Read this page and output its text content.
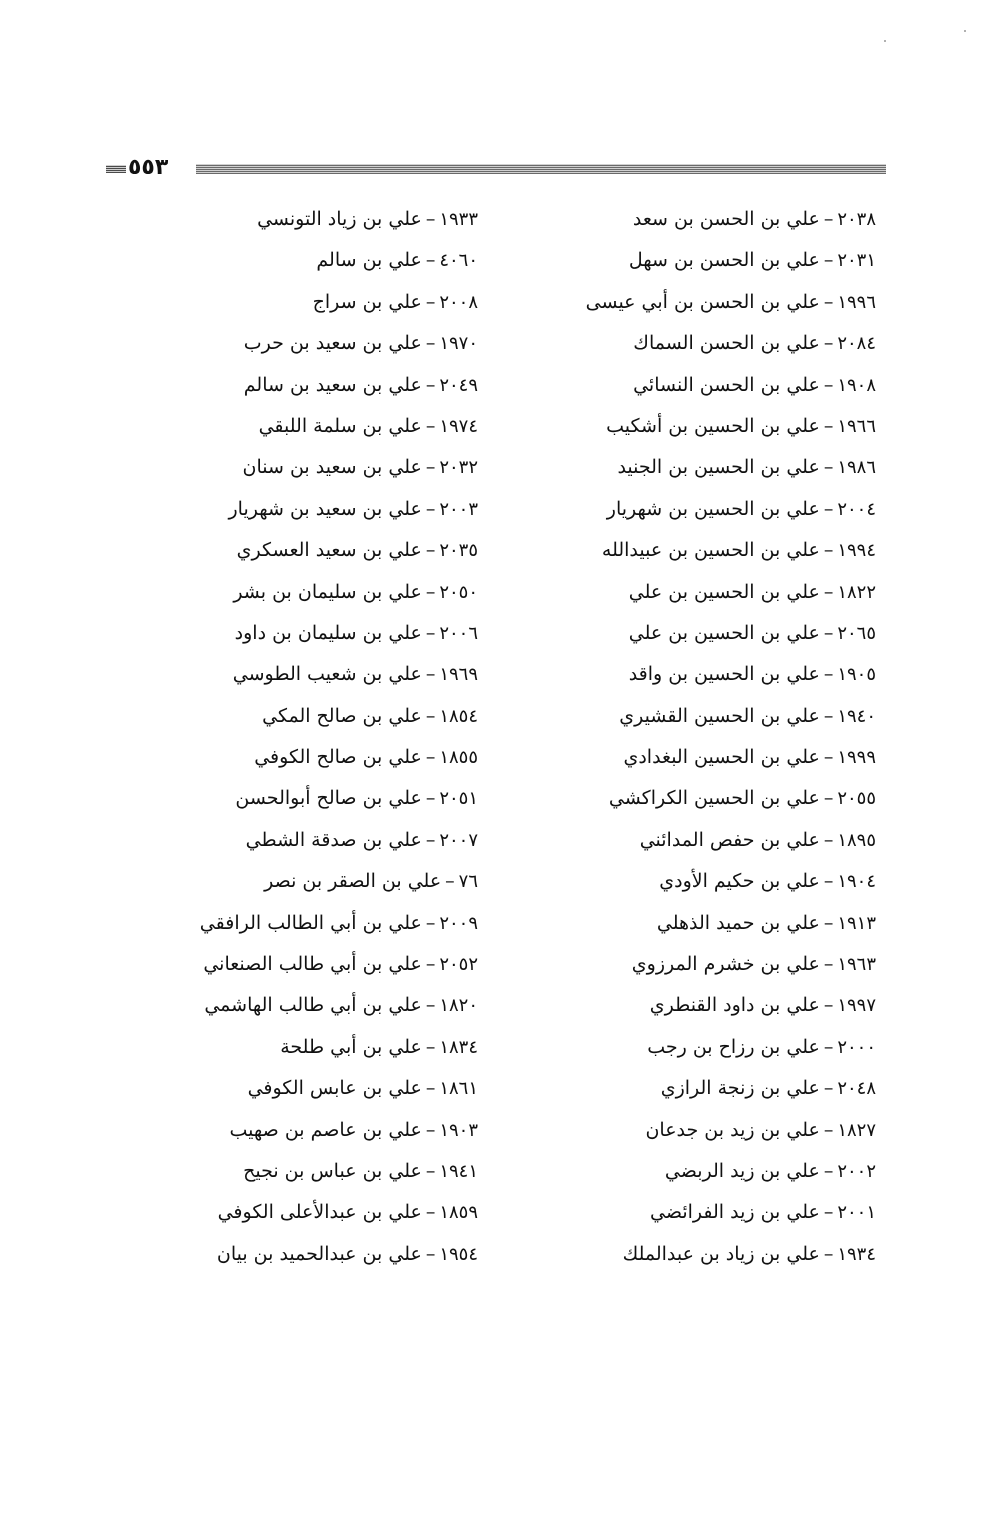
٥٥٣
٢٠٣٨–علي بن الحسن بن سعد
٢٠٣١–علي بن الحسن بن سهل
١٩٩٦–علي بن الحسن بن أبي عيسى
٢٠٨٤–علي بن الحسن السماك
١٩٠٨–علي بن الحسن النسائي
١٩٦٦–علي بن الحسين بن أشكيب
١٩٨٦–علي بن الحسين بن الجنيد
٢٠٠٤–علي بن الحسين بن شهريار
١٩٩٤–علي بن الحسين بن عبيدالله
١٨٢٢–علي بن الحسين بن علي
٢٠٦٥–علي بن الحسين بن علي
١٩٠٥–علي بن الحسين بن واقد
١٩٤٠–علي بن الحسين القشيري
١٩٩٩–علي بن الحسين البغدادي
٢٠٥٥–علي بن الحسين الكراكشي
١٨٩٥–علي بن حفص المدائني
١٩٠٤–علي بن حكيم الأودي
١٩١٣–علي بن حميد الذهلي
١٩٦٣–علي بن خشرم المرزوي
١٩٩٧–علي بن داود القنطري
٢٠٠٠–علي بن رزاح بن رجب
٢٠٤٨–علي بن زنجة الرازي
١٨٢٧–علي بن زيد بن جدعان
٢٠٠٢–علي بن زيد الربضي
٢٠٠١–علي بن زيد الفرائضي
١٩٣٤–علي بن زياد بن عبدالملك
١٩٣٣–علي بن زياد التونسي
٤٠٦٠–علي بن سالم
٢٠٠٨–علي بن سراج
١٩٧٠–علي بن سعيد بن حرب
٢٠٤٩–علي بن سعيد بن سالم
١٩٧٤–علي بن سلمة اللبقي
٢٠٣٢–علي بن سعيد بن سنان
٢٠٠٣–علي بن سعيد بن شهريار
٢٠٣٥–علي بن سعيد العسكري
٢٠٥٠–علي بن سليمان بن بشر
٢٠٠٦–علي بن سليمان بن داود
١٩٦٩–علي بن شعيب الطوسي
١٨٥٤–علي بن صالح المكي
١٨٥٥–علي بن صالح الكوفي
٢٠٥١–علي بن صالح أبوالحسن
٢٠٠٧–علي بن صدقة الشطي
٧٦–علي بن الصقر بن نصر
٢٠٠٩–علي بن أبي الطالب الرافقي
٢٠٥٢–علي بن أبي طالب الصنعاني
١٨٢٠–علي بن أبي طالب الهاشمي
١٨٣٤–علي بن أبي طلحة
١٨٦١–علي بن عابس الكوفي
١٩٠٣–علي بن عاصم بن صهيب
١٩٤١–علي بن عباس بن نجيح
١٨٥٩–علي بن عبدالأعلى الكوفي
١٩٥٤–علي بن عبدالحميد بن بيان
